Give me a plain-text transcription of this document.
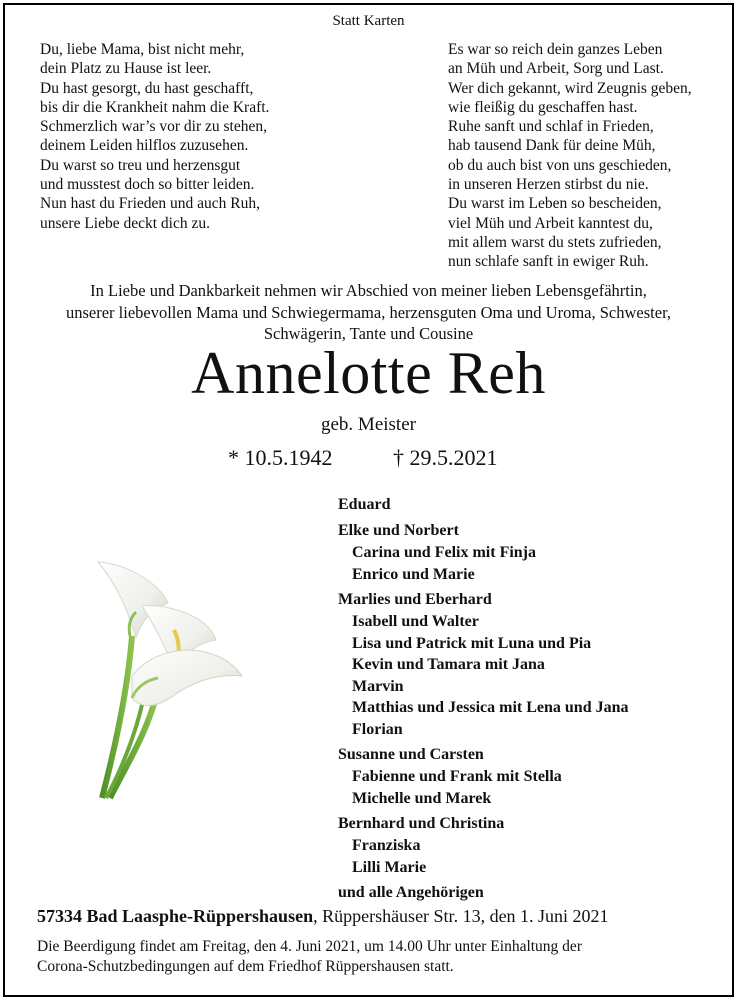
Statt Karten
Du, liebe Mama, bist nicht mehr,
dein Platz zu Hause ist leer.
Du hast gesorgt, du hast geschafft,
bis dir die Krankheit nahm die Kraft.
Schmerzlich war’s vor dir zu stehen,
deinem Leiden hilflos zuzusehen.
Du warst so treu und herzensgut
und musstest doch so bitter leiden.
Nun hast du Frieden und auch Ruh,
unsere Liebe deckt dich zu.
Es war so reich dein ganzes Leben
an Müh und Arbeit, Sorg und Last.
Wer dich gekannt, wird Zeugnis geben,
wie fleißig du geschaffen hast.
Ruhe sanft und schlaf in Frieden,
hab tausend Dank für deine Müh,
ob du auch bist von uns geschieden,
in unseren Herzen stirbst du nie.
Du warst im Leben so bescheiden,
viel Müh und Arbeit kanntest du,
mit allem warst du stets zufrieden,
nun schlafe sanft in ewiger Ruh.
In Liebe und Dankbarkeit nehmen wir Abschied von meiner lieben Lebensgefährtin,
unserer liebevollen Mama und Schwiegermama, herzensguten Oma und Uroma, Schwester,
Schwägerin, Tante und Cousine
Annelotte Reh
geb. Meister
* 10.5.1942	† 29.5.2021
Eduard
Elke und Norbert
Carina und Felix mit Finja
Enrico und Marie
Marlies und Eberhard
Isabell und Walter
Lisa und Patrick mit Luna und Pia
Kevin und Tamara mit Jana
Marvin
Matthias und Jessica mit Lena und Jana
Florian
Susanne und Carsten
Fabienne und Frank mit Stella
Michelle und Marek
Bernhard und Christina
Franziska
Lilli Marie
und alle Angehörigen
57334 Bad Laasphe-Rüppershausen, Rüppershäuser Str. 13, den 1. Juni 2021
Die Beerdigung findet am Freitag, den 4. Juni 2021, um 14.00 Uhr unter Einhaltung der
Corona-Schutzbedingungen auf dem Friedhof Rüppershausen statt.
